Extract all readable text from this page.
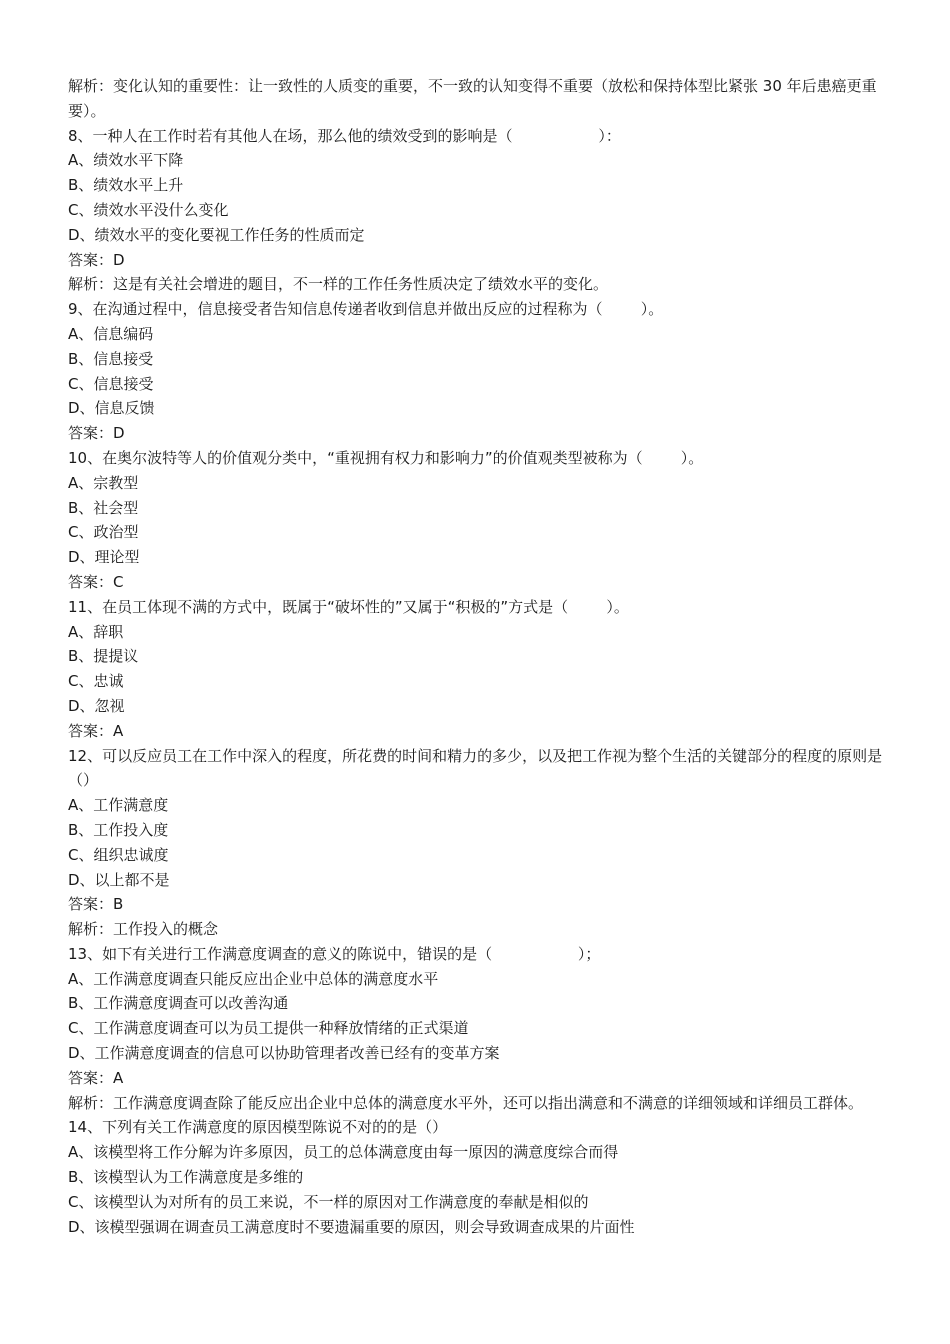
解析：变化认知的重要性：让一致性的人质变的重要，不一致的认知变得不重要（放松和保持体型比紧张 30 年后患癌更重要）。

8、一种人在工作时若有其他人在场，那么他的绩效受到的影响是（                  ）：

A、绩效水平下降

B、绩效水平上升

C、绩效水平没什么变化

D、绩效水平的变化要视工作任务的性质而定

答案：D

解析：这是有关社会增进的题目，不一样的工作任务性质决定了绩效水平的变化。

9、在沟通过程中，信息接受者告知信息传递者收到信息并做出反应的过程称为（        ）。

A、信息编码

B、信息接受

C、信息接受

D、信息反馈

答案：D

10、在奥尔波特等人的价值观分类中，“重视拥有权力和影响力”的价值观类型被称为（        ）。

A、宗教型

B、社会型

C、政治型

D、理论型

答案：C

11、在员工体现不满的方式中，既属于“破坏性的”又属于“积极的”方式是（        ）。

A、辞职

B、提提议

C、忠诚

D、忽视

答案：A

12、可以反应员工在工作中深入的程度，所花费的时间和精力的多少，以及把工作视为整个生活的关键部分的程度的原则是（）

A、工作满意度

B、工作投入度

C、组织忠诚度

D、以上都不是

答案：B

解析：工作投入的概念

13、如下有关进行工作满意度调查的意义的陈说中，错误的是（                  ）；

A、工作满意度调查只能反应出企业中总体的满意度水平

B、工作满意度调查可以改善沟通

C、工作满意度调查可以为员工提供一种释放情绪的正式渠道

D、工作满意度调查的信息可以协助管理者改善已经有的变革方案

答案：A

解析：工作满意度调查除了能反应出企业中总体的满意度水平外，还可以指出满意和不满意的详细领域和详细员工群体。

14、下列有关工作满意度的原因模型陈说不对的的是（）

A、该模型将工作分解为许多原因，员工的总体满意度由每一原因的满意度综合而得

B、该模型认为工作满意度是多维的

C、该模型认为对所有的员工来说，不一样的原因对工作满意度的奉献是相似的

D、该模型强调在调查员工满意度时不要遗漏重要的原因，则会导致调查成果的片面性
